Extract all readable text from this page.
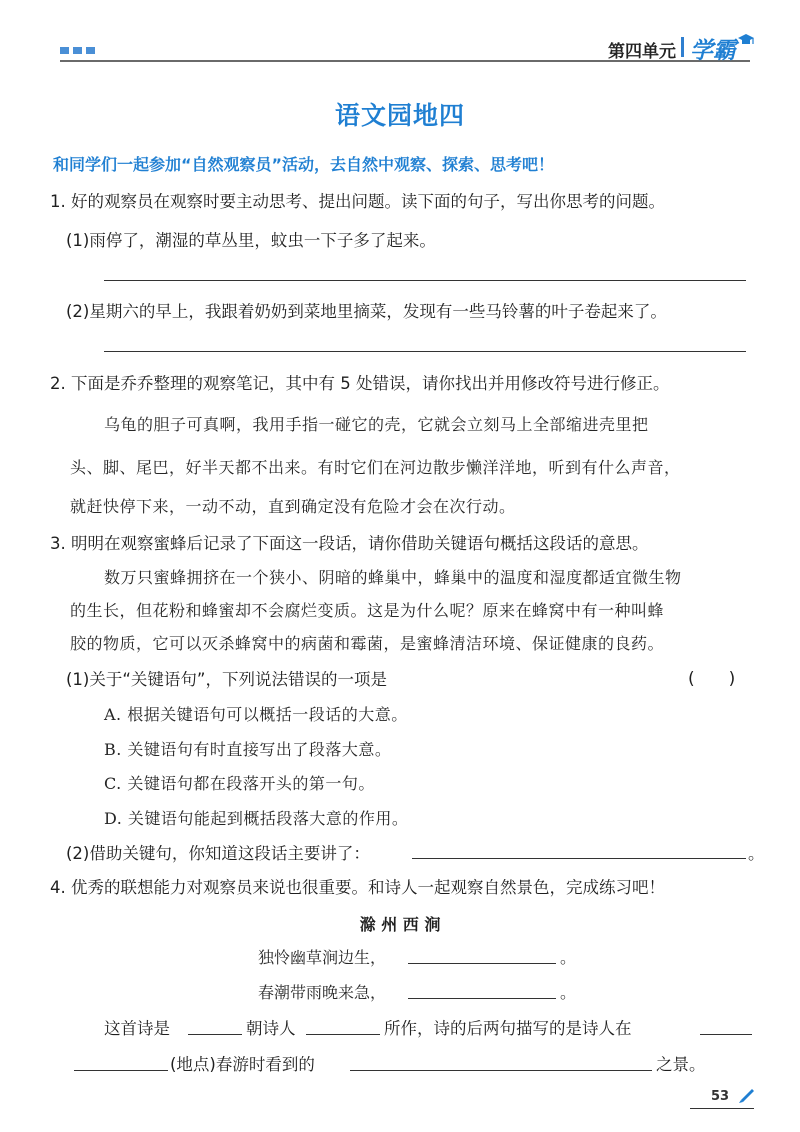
第四单元 学霸
语文园地四
和同学们一起参加“自然观察员”活动，去自然中观察、探索、思考吧！
1. 好的观察员在观察时要主动思考、提出问题。读下面的句子，写出你思考的问题。
(1)雨停了，潮湿的草丛里，蚊虫一下子多了起来。
(2)星期六的早上，我跟着奶奶到菜地里摘菜，发现有一些马铃薯的叶子卷起来了。
2. 下面是乔乔整理的观察笔记，其中有 5 处错误，请你找出并用修改符号进行修正。
乌龟的胆子可真啊，我用手指一碰它的壳，它就会立刻马上全部缩进壳里把
头、脚、尾巴，好半天都不出来。有时它们在河边散步懒洋洋地，听到有什么声音，
就赶快停下来，一动不动，直到确定没有危险才会在次行动。
3. 明明在观察蜜蜂后记录了下面这一段话，请你借助关键语句概括这段话的意思。
数万只蜜蜂拥挤在一个狭小、阴暗的蜂巢中，蜂巢中的温度和湿度都适宜微生物
的生长，但花粉和蜂蜜却不会腐烂变质。这是为什么呢？原来在蜂窝中有一种叫蜂
胶的物质，它可以灭杀蜂窝中的病菌和霉菌，是蜜蜂清洁环境、保证健康的良药。
(1)关于“关键语句”，下列说法错误的一项是	(　　)
A. 根据关键语句可以概括一段话的大意。
B. 关键语句有时直接写出了段落大意。
C. 关键语句都在段落开头的第一句。
D. 关键语句能起到概括段落大意的作用。
(2)借助关键句，你知道这段话主要讲了：	。
4. 优秀的联想能力对观察员来说也很重要。和诗人一起观察自然景色，完成练习吧！
滁 州 西 涧
独怜幽草涧边生，	。
春潮带雨晚来急，	。
这首诗是	朝诗人	所作，诗的后两句描写的是诗人在
(地点)春游时看到的	之景。
53
